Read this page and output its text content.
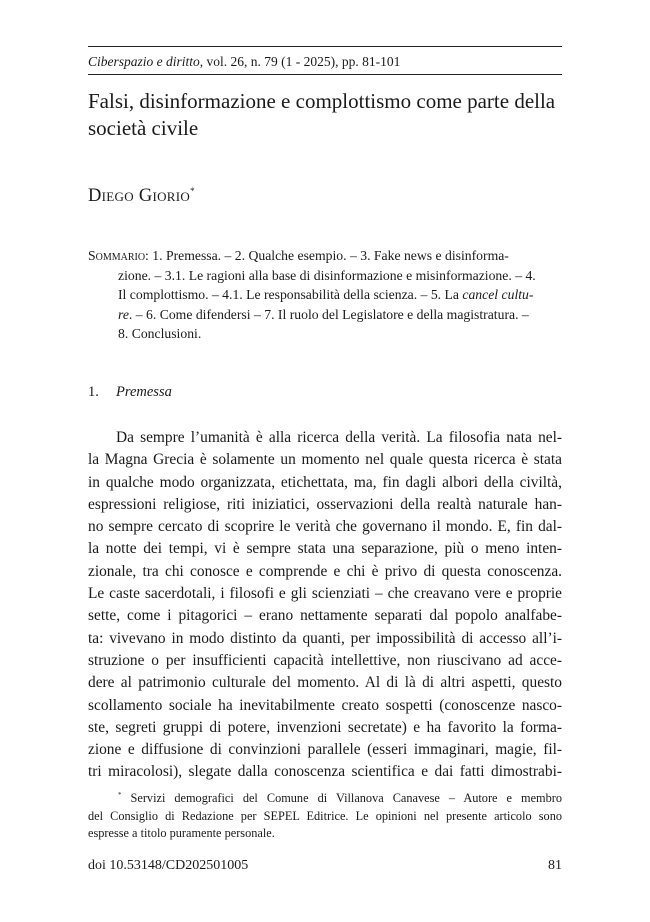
Ciberspazio e diritto, vol. 26, n. 79 (1 - 2025), pp. 81-101
Falsi, disinformazione e complottismo come parte della
società civile
Diego Giorio*
Sommario: 1. Premessa. – 2. Qualche esempio. – 3. Fake news e disinforma-
zione. – 3.1. Le ragioni alla base di disinformazione e misinformazione. – 4.
Il complottismo. – 4.1. Le responsabilità della scienza. – 5. La cancel cultu-
re. – 6. Come difendersi – 7. Il ruolo del Legislatore e della magistratura. –
8. Conclusioni.
1. Premessa
Da sempre l’umanità è alla ricerca della verità. La filosofia nata nel-
la Magna Grecia è solamente un momento nel quale questa ricerca è stata
in qualche modo organizzata, etichettata, ma, fin dagli albori della civiltà,
espressioni religiose, riti iniziatici, osservazioni della realtà naturale han-
no sempre cercato di scoprire le verità che governano il mondo. E, fin dal-
la notte dei tempi, vi è sempre stata una separazione, più o meno inten-
zionale, tra chi conosce e comprende e chi è privo di questa conoscenza.
Le caste sacerdotali, i filosofi e gli scienziati – che creavano vere e proprie
sette, come i pitagorici – erano nettamente separati dal popolo analfabe-
ta: vivevano in modo distinto da quanti, per impossibilità di accesso all’i-
struzione o per insufficienti capacità intellettive, non riuscivano ad acce-
dere al patrimonio culturale del momento. Al di là di altri aspetti, questo
scollamento sociale ha inevitabilmente creato sospetti (conoscenze nasco-
ste, segreti gruppi di potere, invenzioni secretate) e ha favorito la forma-
zione e diffusione di convinzioni parallele (esseri immaginari, magie, fil-
tri miracolosi), slegate dalla conoscenza scientifica e dai fatti dimostrabi-
* Servizi demografici del Comune di Villanova Canavese – Autore e membro
del Consiglio di Redazione per SEPEL Editrice. Le opinioni nel presente articolo sono
espresse a titolo puramente personale.
doi 10.53148/CD202501005	81
